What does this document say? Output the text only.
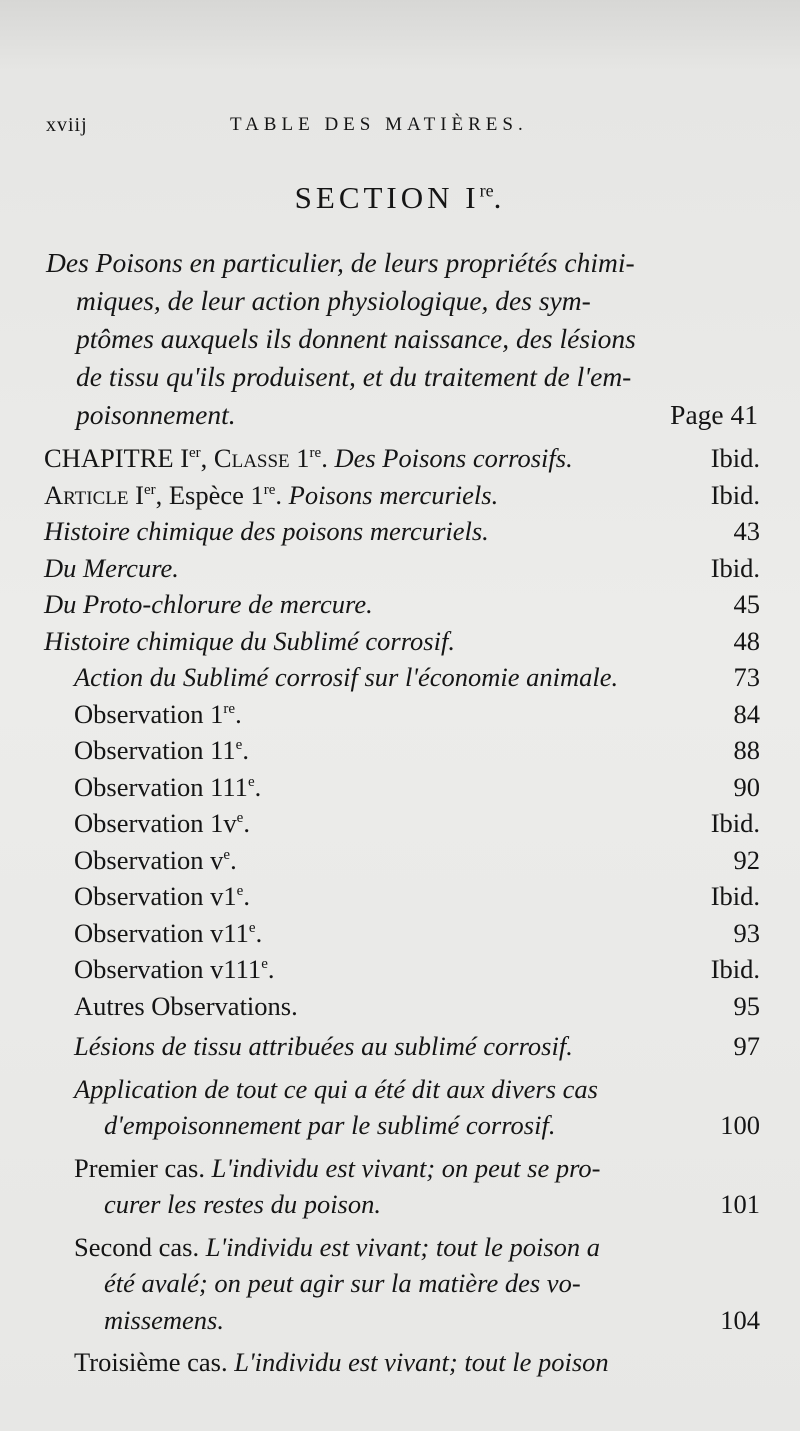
xviij	TABLE DES MATIÈRES.
SECTION Ire.
Des Poisons en particulier, de leurs propriétés chimi-
miques, de leur action physiologique, des sym-
ptômes auxquels ils donnent naissance, des lésions
de tissu qu'ils produisent, et du traitement de l'em-
poisonnement.	Page 41
CHAPITRE Ier, Classe 1re. Des Poisons corrosifs.	Ibid.
Article Ier, Espèce 1re. Poisons mercuriels.	Ibid.
Histoire chimique des poisons mercuriels.	43
Du Mercure.	Ibid.
Du Proto-chlorure de mercure.	45
Histoire chimique du Sublimé corrosif.	48
Action du Sublimé corrosif sur l'économie animale.	73
Observation 1re.	84
Observation 11e.	88
Observation 111e.	90
Observation $1v^e$.	Ibid.
Observation $v^e$.	92
Observation v1e.	Ibid.
Observation v11e.	93
Observation v111e.	Ibid.
Autres Observations.	95
Lésions de tissu attribuées au sublimé corrosif.	97
Application de tout ce qui a été dit aux divers cas
d'empoisonnement par le sublimé corrosif.	100
Premier cas. L'individu est vivant; on peut se pro-
curer les restes du poison.	101
Second cas. L'individu est vivant; tout le poison a
été avalé; on peut agir sur la matière des vo-
missemens.	104
Troisième cas. L'individu est vivant; tout le poison
